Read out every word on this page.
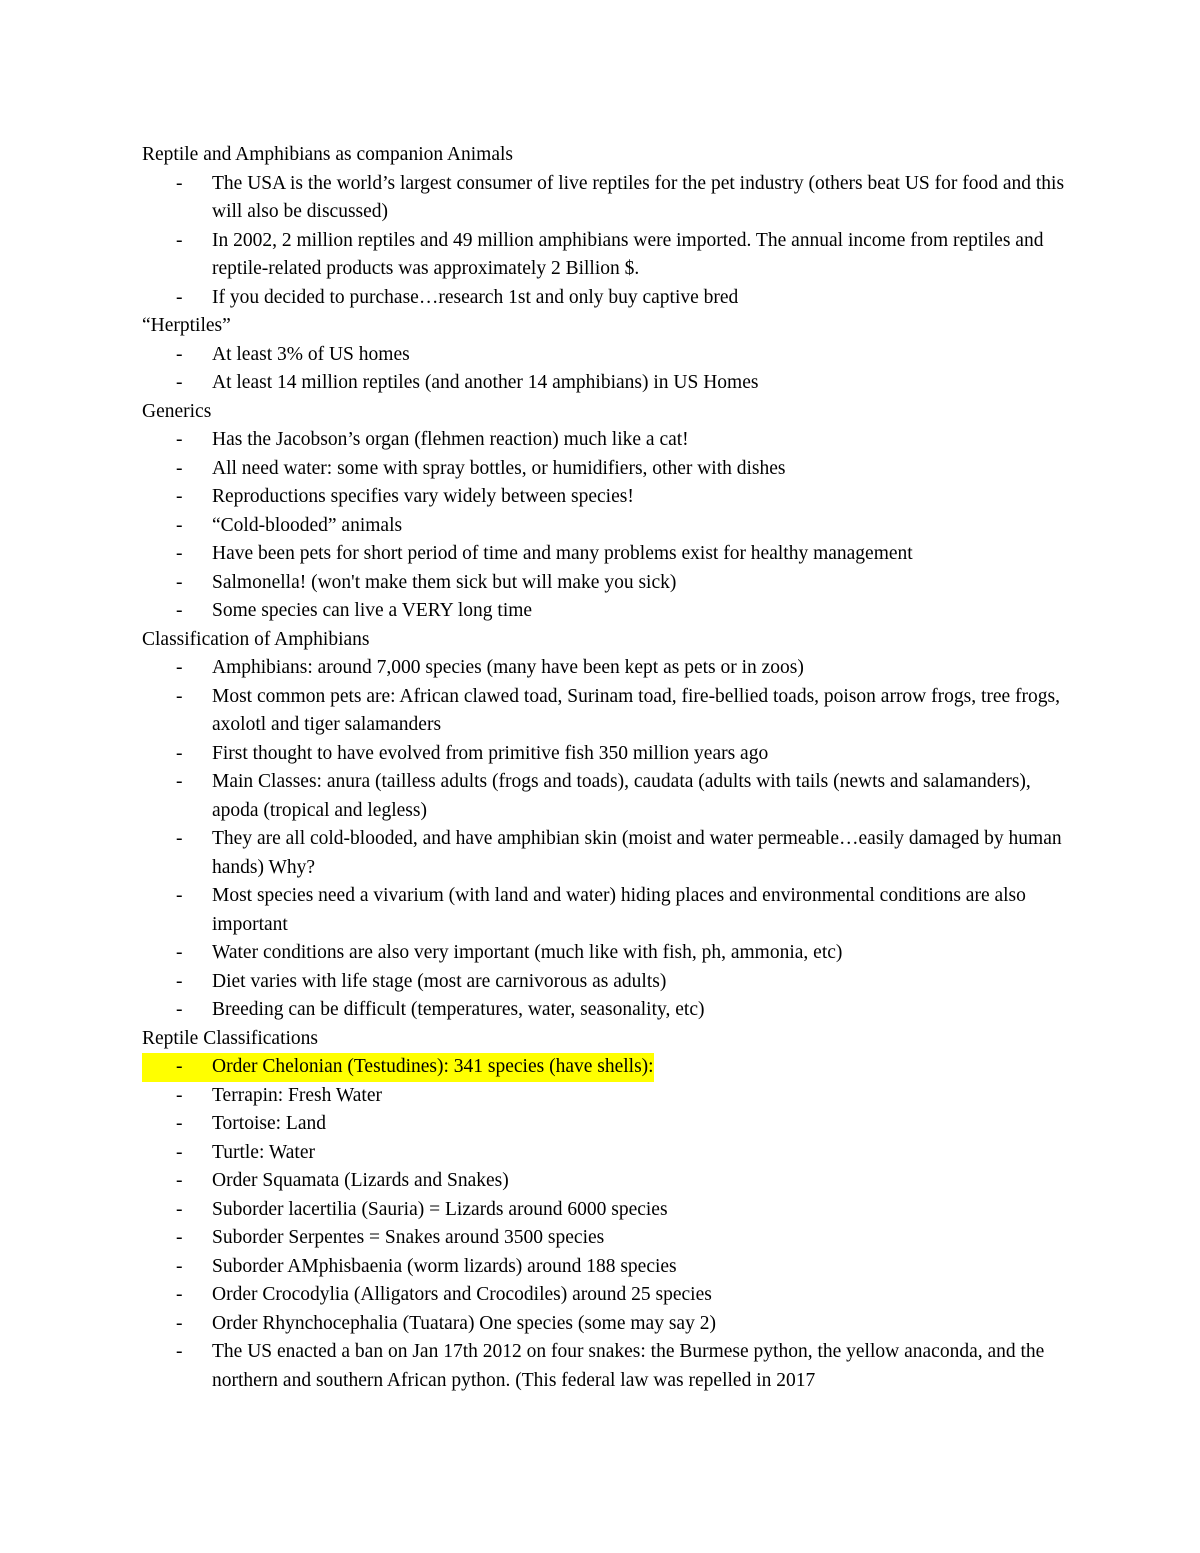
Reptile and Amphibians as companion Animals
-	The USA is the world’s largest consumer of live reptiles for the pet industry (others beat US for food and this will also be discussed)
-	In 2002, 2 million reptiles and 49 million amphibians were imported. The annual income from reptiles and reptile-related products was approximately 2 Billion $.
-	If you decided to purchase…research 1st and only buy captive bred
“Herptiles”
-	At least 3% of US homes
-	At least 14 million reptiles (and another 14 amphibians) in US Homes
Generics
-	Has the Jacobson’s organ (flehmen reaction) much like a cat!
-	All need water: some with spray bottles, or humidifiers, other with dishes
-	Reproductions specifies vary widely between species!
-	“Cold-blooded” animals
-	Have been pets for short period of time and many problems exist for healthy management
-	Salmonella! (won't make them sick but will make you sick)
-	Some species can live a VERY long time
Classification of Amphibians
-	Amphibians: around 7,000 species (many have been kept as pets or in zoos)
-	Most common pets are: African clawed toad, Surinam toad, fire-bellied toads, poison arrow frogs, tree frogs, axolotl and tiger salamanders
-	First thought to have evolved from primitive fish 350 million years ago
-	Main Classes: anura (tailless adults (frogs and toads), caudata (adults with tails (newts and salamanders), apoda (tropical and legless)
-	They are all cold-blooded, and have amphibian skin (moist and water permeable…easily damaged by human hands) Why?
-	Most species need a vivarium (with land and water) hiding places and environmental conditions are also important
-	Water conditions are also very important (much like with fish, ph, ammonia, etc)
-	Diet varies with life stage (most are carnivorous as adults)
-	Breeding can be difficult (temperatures, water, seasonality, etc)
Reptile Classifications
-	Order Chelonian (Testudines): 341 species (have shells):
-	Terrapin: Fresh Water
-	Tortoise: Land
-	Turtle: Water
-	Order Squamata (Lizards and Snakes)
-	Suborder lacertilia (Sauria) = Lizards around 6000 species
-	Suborder Serpentes = Snakes around 3500 species
-	Suborder AMphisbaenia (worm lizards) around 188 species
-	Order Crocodylia (Alligators and Crocodiles) around 25 species
-	Order Rhynchocephalia (Tuatara) One species (some may say 2)
-	The US enacted a ban on Jan 17th 2012 on four snakes: the Burmese python, the yellow anaconda, and the northern and southern African python. (This federal law was repelled in 2017
